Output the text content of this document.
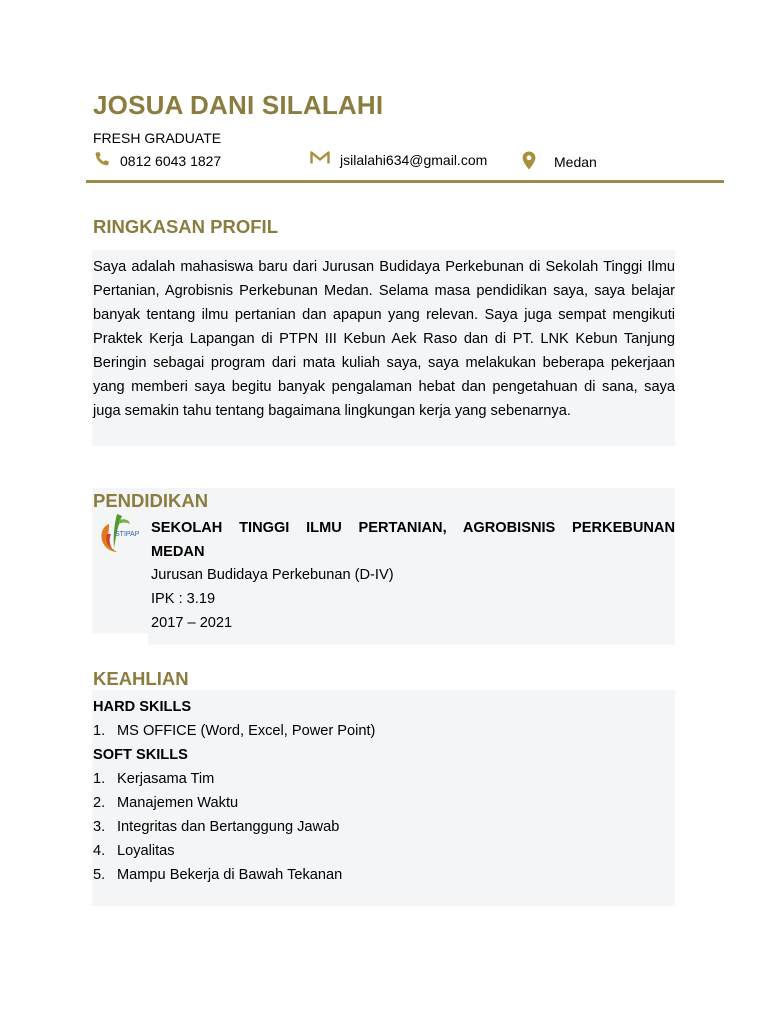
JOSUA DANI SILALAHI
FRESH GRADUATE
0812 6043 1827	jsilalahi634@gmail.com	Medan
RINGKASAN PROFIL
Saya adalah mahasiswa baru dari Jurusan Budidaya Perkebunan di Sekolah Tinggi Ilmu Pertanian, Agrobisnis Perkebunan Medan. Selama masa pendidikan saya, saya belajar banyak tentang ilmu pertanian dan apapun yang relevan. Saya juga sempat mengikuti Praktek Kerja Lapangan di PTPN III Kebun Aek Raso dan di PT. LNK Kebun Tanjung Beringin sebagai program dari mata kuliah saya, saya melakukan beberapa pekerjaan yang memberi saya begitu banyak pengalaman hebat dan pengetahuan di sana, saya juga semakin tahu tentang bagaimana lingkungan kerja yang sebenarnya.
PENDIDIKAN
STIPAP SEKOLAH TINGGI ILMU PERTANIAN, AGROBISNIS PERKEBUNAN MEDAN
Jurusan Budidaya Perkebunan (D-IV)
IPK : 3.19
2017 – 2021
KEAHLIAN
HARD SKILLS
1. MS OFFICE (Word, Excel, Power Point)
SOFT SKILLS
1. Kerjasama Tim
2. Manajemen Waktu
3. Integritas dan Bertanggung Jawab
4. Loyalitas
5. Mampu Bekerja di Bawah Tekanan
